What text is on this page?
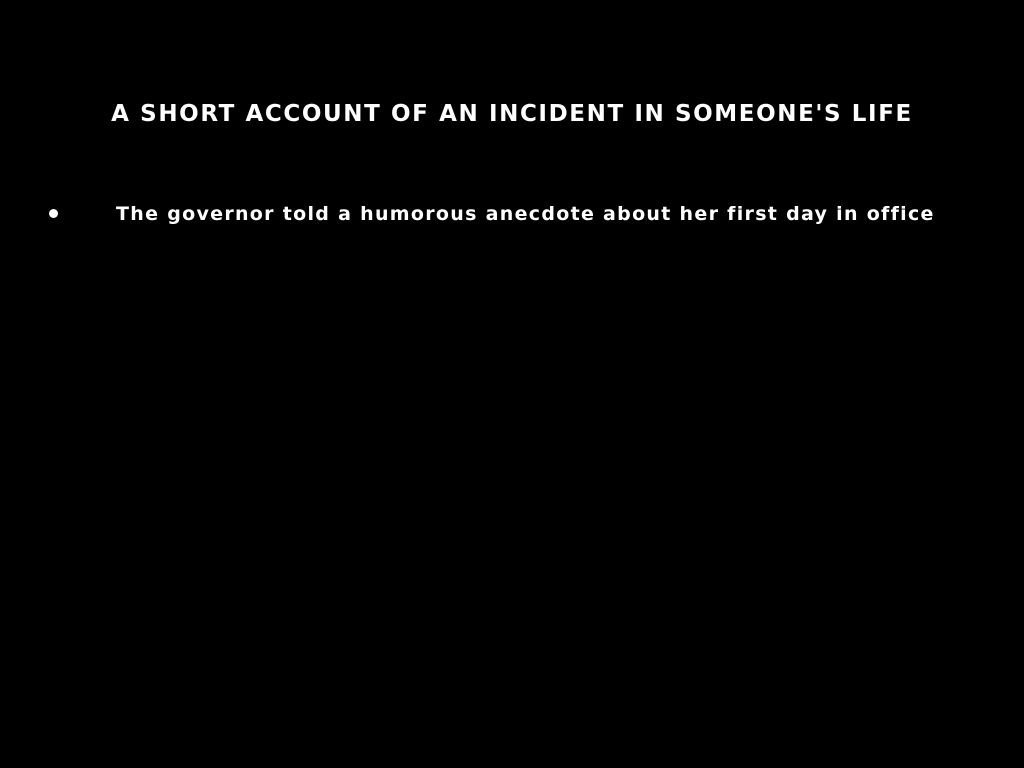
A SHORT ACCOUNT OF AN INCIDENT IN SOMEONE'S LIFE
The governor told a humorous anecdote about her first day in office
